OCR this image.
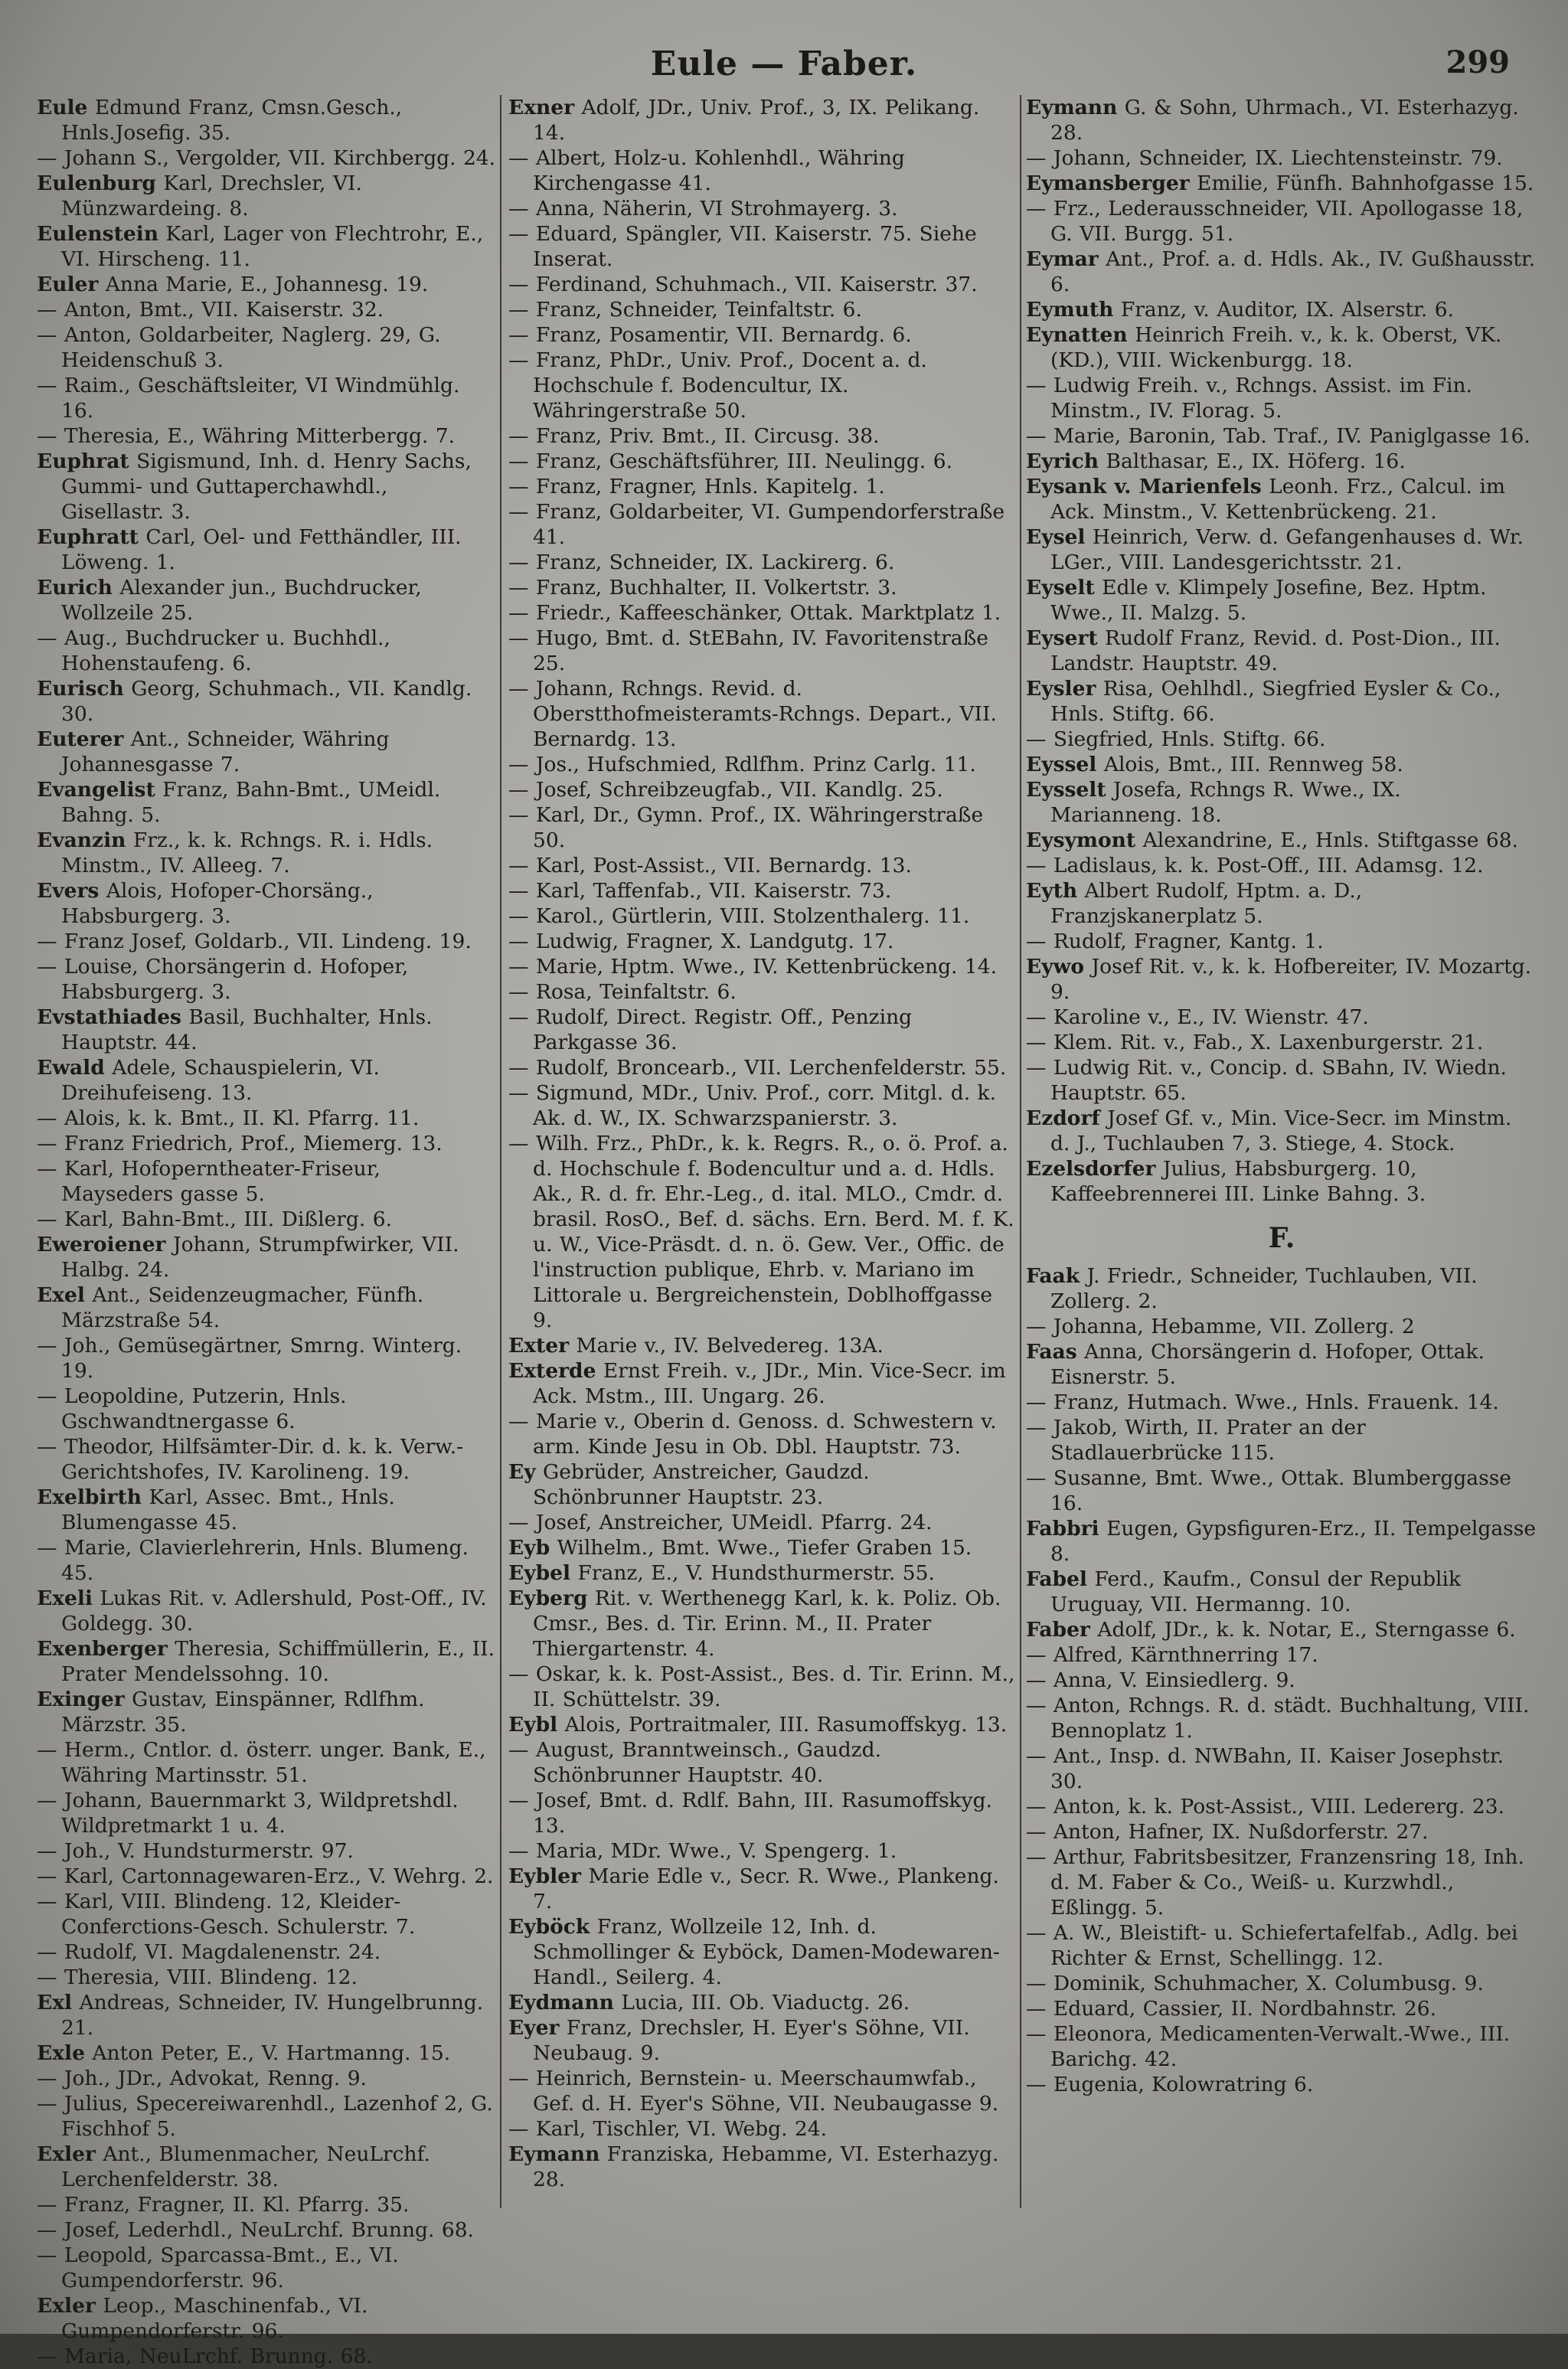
Eule — Faber.	299

Eule Edmund Franz, Cmsn.Gesch., Hnls.Josefig. 35.

— Johann S., Vergolder, VII. Kirchbergg. 24.

Eulenburg Karl, Drechsler, VI. Münzwardeing. 8.

Eulenstein Karl, Lager von Flechtrohr, E., VI. Hirscheng. 11.

Euler Anna Marie, E., Johannesg. 19.

— Anton, Bmt., VII. Kaiserstr. 32.

— Anton, Goldarbeiter, Naglerg. 29, G. Heidenschuß 3.

— Raim., Geschäftsleiter, VI Windmühlg. 16.

— Theresia, E., Währing Mitterbergg. 7.

Euphrat Sigismund, Inh. d. Henry Sachs, Gummi- und Guttaperchawhdl., Gisellastr. 3.

Euphratt Carl, Oel- und Fetthändler, III. Löweng. 1.

Eurich Alexander jun., Buchdrucker, Wollzeile 25.

— Aug., Buchdrucker u. Buchhdl., Hohenstaufeng. 6.

Eurisch Georg, Schuhmach., VII. Kandlg. 30.

Euterer Ant., Schneider, Währing Johannesgasse 7.

Evangelist Franz, Bahn-Bmt., UMeidl. Bahng. 5.

Evanzin Frz., k. k. Rchngs. R. i. Hdls. Minstm., IV. Alleeg. 7.

Evers Alois, Hofoper-Chorsäng., Habsburgerg. 3.

— Franz Josef, Goldarb., VII. Lindeng. 19.

— Louise, Chorsängerin d. Hofoper, Habsburgerg. 3.

Evstathiades Basil, Buchhalter, Hnls. Hauptstr. 44.

Ewald Adele, Schauspielerin, VI. Dreihufeiseng. 13.

— Alois, k. k. Bmt., II. Kl. Pfarrg. 11.

— Franz Friedrich, Prof., Miemerg. 13.

— Karl, Hofoperntheater-Friseur, Mayseders gasse 5.

— Karl, Bahn-Bmt., III. Dißlerg. 6.

Eweroiener Johann, Strumpfwirker, VII. Halbg. 24.

Exel Ant., Seidenzeugmacher, Fünfh. Märzstraße 54.

— Joh., Gemüsegärtner, Smrng. Winterg. 19.

— Leopoldine, Putzerin, Hnls. Gschwandtnergasse 6.

— Theodor, Hilfsämter-Dir. d. k. k. Verw.-Gerichtshofes, IV. Karolineng. 19.

Exelbirth Karl, Assec. Bmt., Hnls. Blumengasse 45.

— Marie, Clavierlehrerin, Hnls. Blumeng. 45.

Exeli Lukas Rit. v. Adlershuld, Post-Off., IV. Goldegg. 30.

Exenberger Theresia, Schiffmüllerin, E., II. Prater Mendelssohng. 10.

Exinger Gustav, Einspänner, Rdlfhm. Märzstr. 35.

— Herm., Cntlor. d. österr. unger. Bank, E., Währing Martinsstr. 51.

— Johann, Bauernmarkt 3, Wildpretshdl. Wildpretmarkt 1 u. 4.

— Joh., V. Hundsturmerstr. 97.

— Karl, Cartonnagewaren-Erz., V. Wehrg. 2.

— Karl, VIII. Blindeng. 12, Kleider-Conferctions-Gesch. Schulerstr. 7.

— Rudolf, VI. Magdalenenstr. 24.

— Theresia, VIII. Blindeng. 12.

Exl Andreas, Schneider, IV. Hungelbrunng. 21.

Exle Anton Peter, E., V. Hartmanng. 15.

— Joh., JDr., Advokat, Renng. 9.

— Julius, Specereiwarenhdl., Lazenhof 2, G. Fischhof 5.

Exler Ant., Blumenmacher, NeuLrchf. Lerchenfelderstr. 38.

— Franz, Fragner, II. Kl. Pfarrg. 35.

— Josef, Lederhdl., NeuLrchf. Brunng. 68.

— Leopold, Sparcassa-Bmt., E., VI. Gumpendorferstr. 96.

Exler Leop., Maschinenfab., VI. Gumpendorferstr. 96.

— Maria, NeuLrchf. Brunng. 68.

Exner Adolf, JDr., Univ. Prof., 3, IX. Pelikang. 14.

— Albert, Holz-u. Kohlenhdl., Währing Kirchengasse 41.

— Anna, Näherin, VI Strohmayerg. 3.

— Eduard, Spängler, VII. Kaiserstr. 75. Siehe Inserat.

— Ferdinand, Schuhmach., VII. Kaiserstr. 37.

— Franz, Schneider, Teinfaltstr. 6.

— Franz, Posamentir, VII. Bernardg. 6.

— Franz, PhDr., Univ. Prof., Docent a. d. Hochschule f. Bodencultur, IX. Währingerstraße 50.

— Franz, Priv. Bmt., II. Circusg. 38.

— Franz, Geschäftsführer, III. Neulingg. 6.

— Franz, Fragner, Hnls. Kapitelg. 1.

— Franz, Goldarbeiter, VI. Gumpendorferstraße 41.

— Franz, Schneider, IX. Lackirerg. 6.

— Franz, Buchhalter, II. Volkertstr. 3.

— Friedr., Kaffeeschänker, Ottak. Marktplatz 1.

— Hugo, Bmt. d. StEBahn, IV. Favoritenstraße 25.

— Johann, Rchngs. Revid. d. Oberstthofmeisteramts-Rchngs. Depart., VII. Bernardg. 13.

— Jos., Hufschmied, Rdlfhm. Prinz Carlg. 11.

— Josef, Schreibzeugfab., VII. Kandlg. 25.

— Karl, Dr., Gymn. Prof., IX. Währingerstraße 50.

— Karl, Post-Assist., VII. Bernardg. 13.

— Karl, Taffenfab., VII. Kaiserstr. 73.

— Karol., Gürtlerin, VIII. Stolzenthalerg. 11.

— Ludwig, Fragner, X. Landgutg. 17.

— Marie, Hptm. Wwe., IV. Kettenbrückeng. 14.

— Rosa, Teinfaltstr. 6.

— Rudolf, Direct. Registr. Off., Penzing Parkgasse 36.

— Rudolf, Broncearb., VII. Lerchenfelderstr. 55.

— Sigmund, MDr., Univ. Prof., corr. Mitgl. d. k. Ak. d. W., IX. Schwarzspanierstr. 3.

— Wilh. Frz., PhDr., k. k. Regrs. R., o. ö. Prof. a. d. Hochschule f. Bodencultur und a. d. Hdls. Ak., R. d. fr. Ehr.-Leg., d. ital. MLO., Cmdr. d. brasil. RosO., Bef. d. sächs. Ern. Berd. M. f. K. u. W., Vice-Präsdt. d. n. ö. Gew. Ver., Offic. de l'instruction publique, Ehrb. v. Mariano im Littorale u. Bergreichenstein, Doblhoffgasse 9.

Exter Marie v., IV. Belvedereg. 13A.

Exterde Ernst Freih. v., JDr., Min. Vice-Secr. im Ack. Mstm., III. Ungarg. 26.

— Marie v., Oberin d. Genoss. d. Schwestern v. arm. Kinde Jesu in Ob. Dbl. Hauptstr. 73.

Ey Gebrüder, Anstreicher, Gaudzd. Schönbrunner Hauptstr. 23.

— Josef, Anstreicher, UMeidl. Pfarrg. 24.

Eyb Wilhelm., Bmt. Wwe., Tiefer Graben 15.

Eybel Franz, E., V. Hundsthurmerstr. 55.

Eyberg Rit. v. Werthenegg Karl, k. k. Poliz. Ob. Cmsr., Bes. d. Tir. Erinn. M., II. Prater Thiergartenstr. 4.

— Oskar, k. k. Post-Assist., Bes. d. Tir. Erinn. M., II. Schüttelstr. 39.

Eybl Alois, Portraitmaler, III. Rasumoffskyg. 13.

— August, Branntweinsch., Gaudzd. Schönbrunner Hauptstr. 40.

— Josef, Bmt. d. Rdlf. Bahn, III. Rasumoffskyg. 13.

— Maria, MDr. Wwe., V. Spengerg. 1.

Eybler Marie Edle v., Secr. R. Wwe., Plankeng. 7.

Eyböck Franz, Wollzeile 12, Inh. d. Schmollinger & Eyböck, Damen-Modewaren-Handl., Seilerg. 4.

Eydmann Lucia, III. Ob. Viaductg. 26.

Eyer Franz, Drechsler, H. Eyer's Söhne, VII. Neubaug. 9.

— Heinrich, Bernstein- u. Meerschaumwfab., Gef. d. H. Eyer's Söhne, VII. Neubaugasse 9.

— Karl, Tischler, VI. Webg. 24.

Eymann Franziska, Hebamme, VI. Esterhazyg. 28.

Eymann G. & Sohn, Uhrmach., VI. Esterhazyg. 28.

— Johann, Schneider, IX. Liechtensteinstr. 79.

Eymansberger Emilie, Fünfh. Bahnhofgasse 15.

— Frz., Lederausschneider, VII. Apollogasse 18, G. VII. Burgg. 51.

Eymar Ant., Prof. a. d. Hdls. Ak., IV. Gußhausstr. 6.

Eymuth Franz, v. Auditor, IX. Alserstr. 6.

Eynatten Heinrich Freih. v., k. k. Oberst, VK. (KD.), VIII. Wickenburgg. 18.

— Ludwig Freih. v., Rchngs. Assist. im Fin. Minstm., IV. Florag. 5.

— Marie, Baronin, Tab. Traf., IV. Paniglgasse 16.

Eyrich Balthasar, E., IX. Höferg. 16.

Eysank v. Marienfels Leonh. Frz., Calcul. im Ack. Minstm., V. Kettenbrückeng. 21.

Eysel Heinrich, Verw. d. Gefangenhauses d. Wr. LGer., VIII. Landesgerichtsstr. 21.

Eyselt Edle v. Klimpely Josefine, Bez. Hptm. Wwe., II. Malzg. 5.

Eysert Rudolf Franz, Revid. d. Post-Dion., III. Landstr. Hauptstr. 49.

Eysler Risa, Oehlhdl., Siegfried Eysler & Co., Hnls. Stiftg. 66.

— Siegfried, Hnls. Stiftg. 66.

Eyssel Alois, Bmt., III. Rennweg 58.

Eysselt Josefa, Rchngs R. Wwe., IX. Marianneng. 18.

Eysymont Alexandrine, E., Hnls. Stiftgasse 68.

— Ladislaus, k. k. Post-Off., III. Adamsg. 12.

Eyth Albert Rudolf, Hptm. a. D., Franzjskanerplatz 5.

— Rudolf, Fragner, Kantg. 1.

Eywo Josef Rit. v., k. k. Hofbereiter, IV. Mozartg. 9.

— Karoline v., E., IV. Wienstr. 47.

— Klem. Rit. v., Fab., X. Laxenburgerstr. 21.

— Ludwig Rit. v., Concip. d. SBahn, IV. Wiedn. Hauptstr. 65.

Ezdorf Josef Gf. v., Min. Vice-Secr. im Minstm. d. J., Tuchlauben 7, 3. Stiege, 4. Stock.

Ezelsdorfer Julius, Habsburgerg. 10, Kaffeebrennerei III. Linke Bahng. 3.

F.

Faak J. Friedr., Schneider, Tuchlauben, VII. Zollerg. 2.

— Johanna, Hebamme, VII. Zollerg. 2

Faas Anna, Chorsängerin d. Hofoper, Ottak. Eisnerstr. 5.

— Franz, Hutmach. Wwe., Hnls. Frauenk. 14.

— Jakob, Wirth, II. Prater an der Stadlauerbrücke 115.

— Susanne, Bmt. Wwe., Ottak. Blumberggasse 16.

Fabbri Eugen, Gypsfiguren-Erz., II. Tempelgasse 8.

Fabel Ferd., Kaufm., Consul der Republik Uruguay, VII. Hermanng. 10.

Faber Adolf, JDr., k. k. Notar, E., Sterngasse 6.

— Alfred, Kärnthnerring 17.

— Anna, V. Einsiedlerg. 9.

— Anton, Rchngs. R. d. städt. Buchhaltung, VIII. Bennoplatz 1.

— Ant., Insp. d. NWBahn, II. Kaiser Josephstr. 30.

— Anton, k. k. Post-Assist., VIII. Ledererg. 23.

— Anton, Hafner, IX. Nußdorferstr. 27.

— Arthur, Fabritsbesitzer, Franzensring 18, Inh. d. M. Faber & Co., Weiß- u. Kurzwhdl., Eßlingg. 5.

— A. W., Bleistift- u. Schiefertafelfab., Adlg. bei Richter & Ernst, Schellingg. 12.

— Dominik, Schuhmacher, X. Columbusg. 9.

— Eduard, Cassier, II. Nordbahnstr. 26.

— Eleonora, Medicamenten-Verwalt.-Wwe., III. Barichg. 42.

— Eugenia, Kolowratring 6.
